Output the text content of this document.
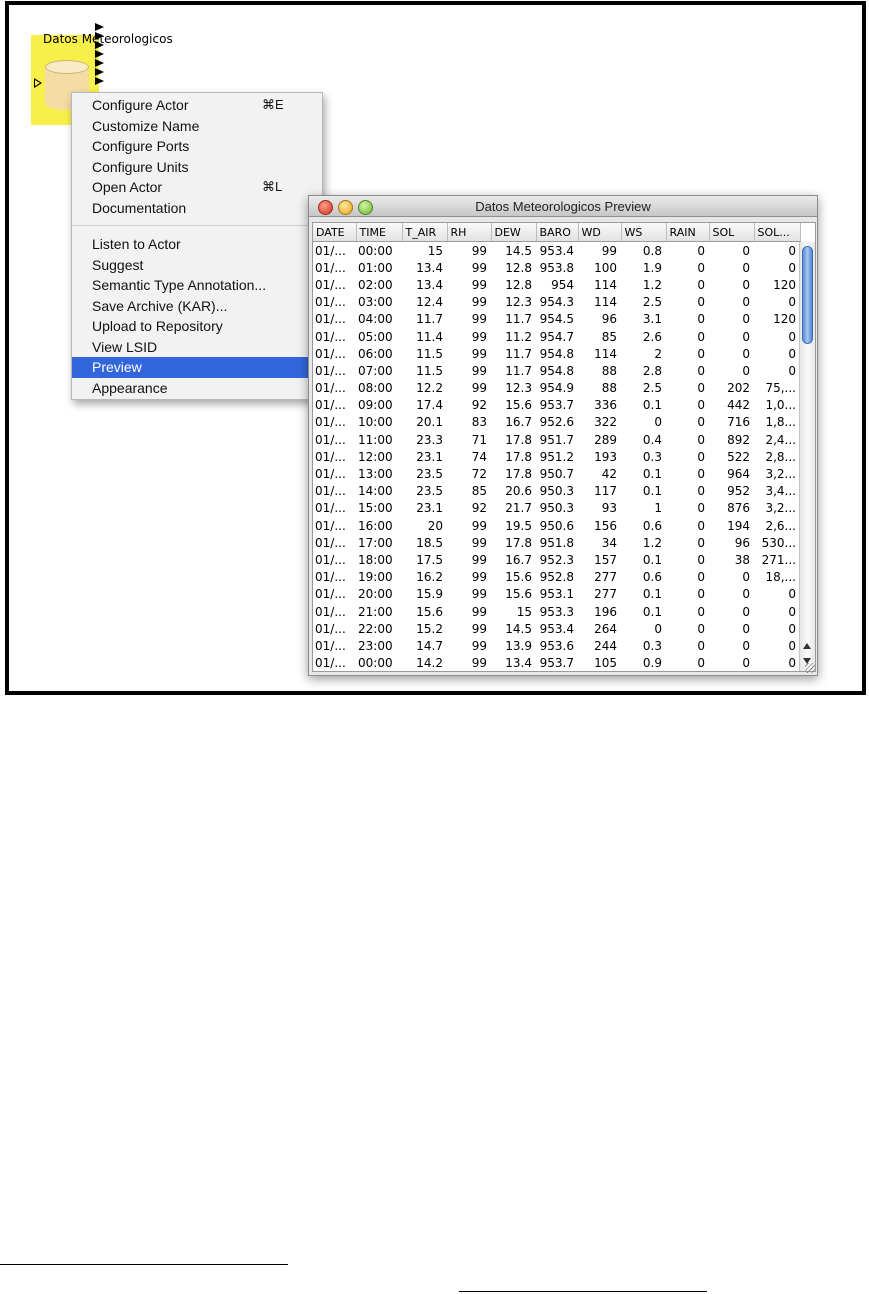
Datos Meteorologicos
Configure Actor	⌘E
Customize Name
Configure Ports
Configure Units
Open Actor	⌘L
Documentation
Listen to Actor
Suggest
Semantic Type Annotation...
Save Archive (KAR)...
Upload to Repository
View LSID
Preview
Appearance
Datos Meteorologicos Preview
DATE	TIME	T_AIR	RH	DEW	BARO	WD	WS	RAIN	SOL	SOL...
01/...	00:00	15	99	14.5	953.4	99	0.8	0	0	0
01/...	01:00	13.4	99	12.8	953.8	100	1.9	0	0	0
01/...	02:00	13.4	99	12.8	954	114	1.2	0	0	120
01/...	03:00	12.4	99	12.3	954.3	114	2.5	0	0	0
01/...	04:00	11.7	99	11.7	954.5	96	3.1	0	0	120
01/...	05:00	11.4	99	11.2	954.7	85	2.6	0	0	0
01/...	06:00	11.5	99	11.7	954.8	114	2	0	0	0
01/...	07:00	11.5	99	11.7	954.8	88	2.8	0	0	0
01/...	08:00	12.2	99	12.3	954.9	88	2.5	0	202	75,...
01/...	09:00	17.4	92	15.6	953.7	336	0.1	0	442	1,0...
01/...	10:00	20.1	83	16.7	952.6	322	0	0	716	1,8...
01/...	11:00	23.3	71	17.8	951.7	289	0.4	0	892	2,4...
01/...	12:00	23.1	74	17.8	951.2	193	0.3	0	522	2,8...
01/...	13:00	23.5	72	17.8	950.7	42	0.1	0	964	3,2...
01/...	14:00	23.5	85	20.6	950.3	117	0.1	0	952	3,4...
01/...	15:00	23.1	92	21.7	950.3	93	1	0	876	3,2...
01/...	16:00	20	99	19.5	950.6	156	0.6	0	194	2,6...
01/...	17:00	18.5	99	17.8	951.8	34	1.2	0	96	530...
01/...	18:00	17.5	99	16.7	952.3	157	0.1	0	38	271...
01/...	19:00	16.2	99	15.6	952.8	277	0.6	0	0	18,...
01/...	20:00	15.9	99	15.6	953.1	277	0.1	0	0	0
01/...	21:00	15.6	99	15	953.3	196	0.1	0	0	0
01/...	22:00	15.2	99	14.5	953.4	264	0	0	0	0
01/...	23:00	14.7	99	13.9	953.6	244	0.3	0	0	0
01/...	00:00	14.2	99	13.4	953.7	105	0.9	0	0	0
